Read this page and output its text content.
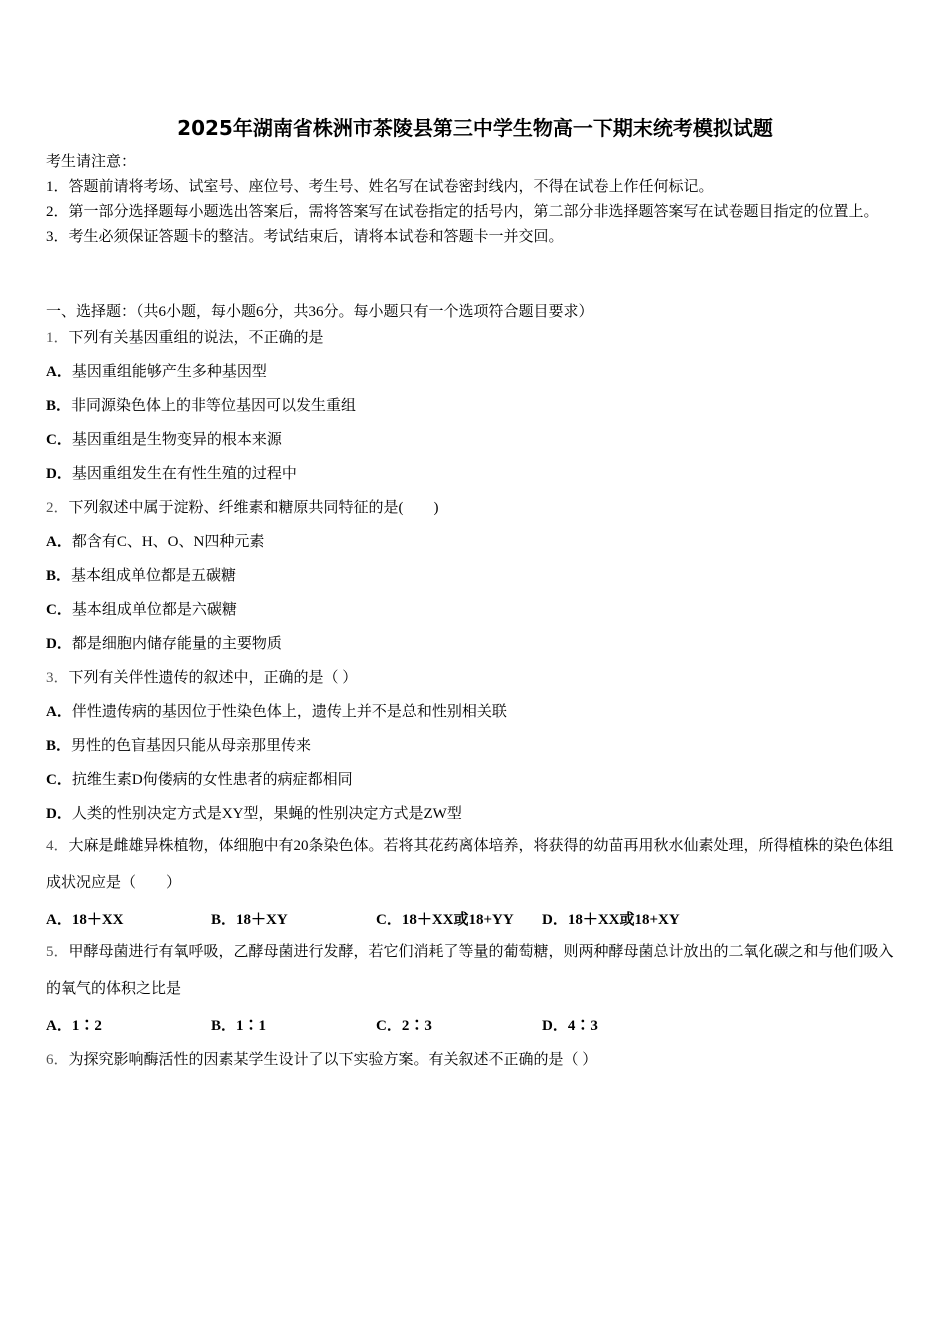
2025年湖南省株洲市茶陵县第三中学生物高一下期末统考模拟试题
考生请注意：
1．答题前请将考场、试室号、座位号、考生号、姓名写在试卷密封线内，不得在试卷上作任何标记。
2．第一部分选择题每小题选出答案后，需将答案写在试卷指定的括号内，第二部分非选择题答案写在试卷题目指定的位置上。
3．考生必须保证答题卡的整洁。考试结束后，请将本试卷和答题卡一并交回。
一、选择题：（共6小题，每小题6分，共36分。每小题只有一个选项符合题目要求）
1．下列有关基因重组的说法，不正确的是
A．基因重组能够产生多种基因型
B．非同源染色体上的非等位基因可以发生重组
C．基因重组是生物变异的根本来源
D．基因重组发生在有性生殖的过程中
2．下列叙述中属于淀粉、纤维素和糖原共同特征的是(　　)
A．都含有C、H、O、N四种元素
B．基本组成单位都是五碳糖
C．基本组成单位都是六碳糖
D．都是细胞内储存能量的主要物质
3．下列有关伴性遗传的叙述中，正确的是（ ）
A．伴性遗传病的基因位于性染色体上，遗传上并不是总和性别相关联
B．男性的色盲基因只能从母亲那里传来
C．抗维生素D佝偻病的女性患者的病症都相同
D．人类的性别决定方式是XY型，果蝇的性别决定方式是ZW型
4．大麻是雌雄异株植物，体细胞中有20条染色体。若将其花药离体培养，将获得的幼苗再用秋水仙素处理，所得植株的染色体组成状况应是（　　）
A．18＋XX	B．18＋XY	C．18＋XX或18+YY D．18＋XX或18+XY
5．甲酵母菌进行有氧呼吸，乙酵母菌进行发酵，若它们消耗了等量的葡萄糖，则两种酵母菌总计放出的二氧化碳之和与他们吸入的氧气的体积之比是
A．1∶2	B．1∶1	C．2∶3	D．4∶3
6．为探究影响酶活性的因素某学生设计了以下实验方案。有关叙述不正确的是（ ）
